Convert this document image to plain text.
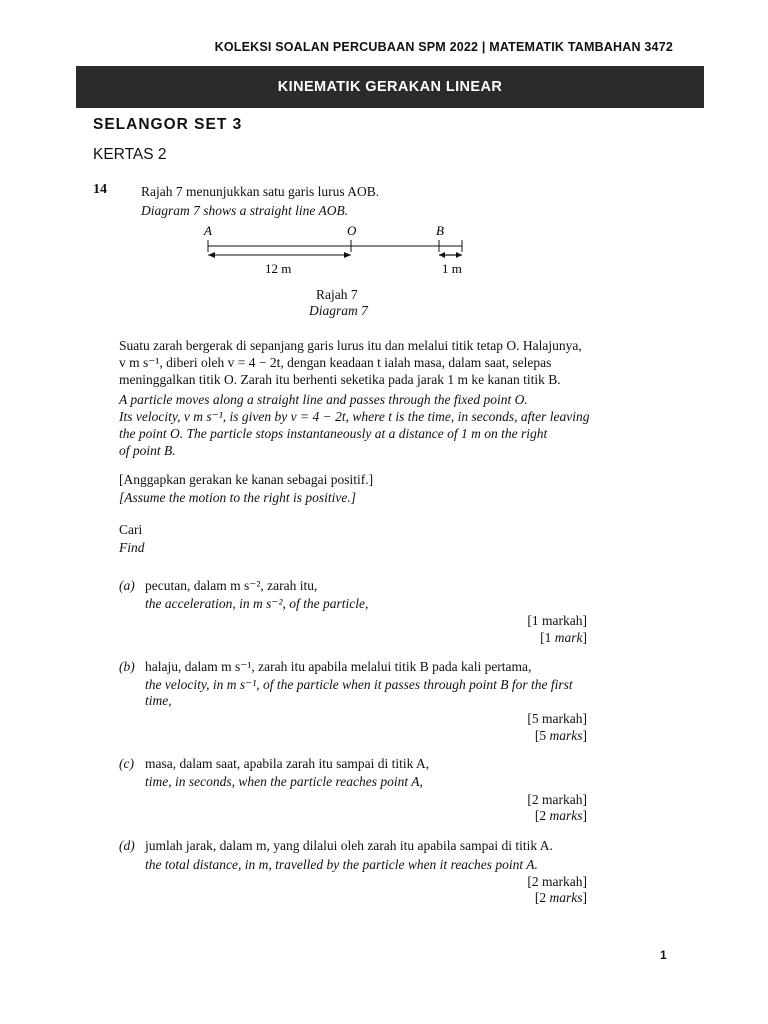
KOLEKSI SOALAN PERCUBAAN SPM 2022 | MATEMATIK TAMBAHAN 3472
KINEMATIK GERAKAN LINEAR
SELANGOR SET 3
KERTAS 2
14	Rajah 7 menunjukkan satu garis lurus AOB.
Diagram 7 shows a straight line AOB.
A	O	B
12 m	1 m
Rajah 7
Diagram 7
Suatu zarah bergerak di sepanjang garis lurus itu dan melalui titik tetap O. Halajunya,
v m s⁻¹, diberi oleh v = 4 − 2t, dengan keadaan t ialah masa, dalam saat, selepas
meninggalkan titik O. Zarah itu berhenti seketika pada jarak 1 m ke kanan titik B.
A particle moves along a straight line and passes through the fixed point O.
Its velocity, v m s⁻¹, is given by v = 4 − 2t, where t is the time, in seconds, after leaving
the point O. The particle stops instantaneously at a distance of 1 m on the right
of point B.
[Anggapkan gerakan ke kanan sebagai positif.]
[Assume the motion to the right is positive.]
Cari
Find
(a) pecutan, dalam m s⁻², zarah itu,
the acceleration, in m s⁻², of the particle,
[1 markah]
[1 mark]
(b) halaju, dalam m s⁻¹, zarah itu apabila melalui titik B pada kali pertama,
the velocity, in m s⁻¹, of the particle when it passes through point B for the first
time,
[5 markah]
[5 marks]
(c) masa, dalam saat, apabila zarah itu sampai di titik A,
time, in seconds, when the particle reaches point A,
[2 markah]
[2 marks]
(d) jumlah jarak, dalam m, yang dilalui oleh zarah itu apabila sampai di titik A.
the total distance, in m, travelled by the particle when it reaches point A.
[2 markah]
[2 marks]
1
